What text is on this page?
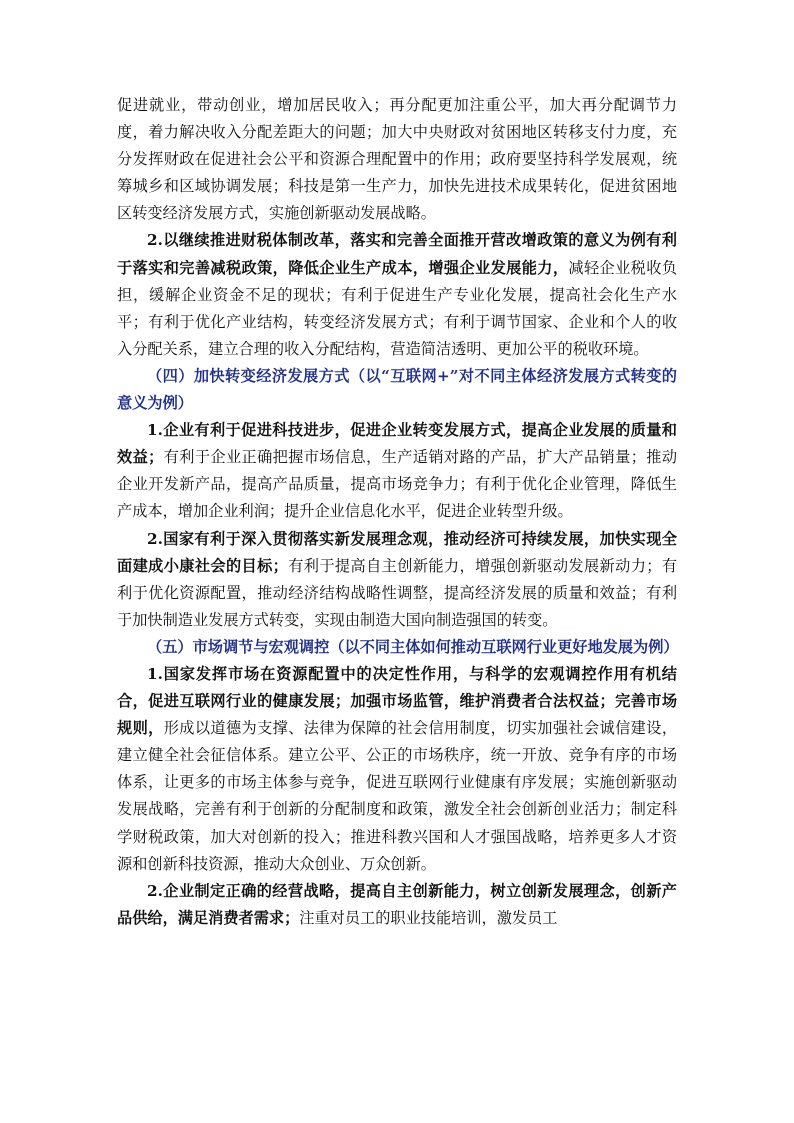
促进就业，带动创业，增加居民收入；再分配更加注重公平，加大再分配调节力度，着力解决收入分配差距大的问题；加大中央财政对贫困地区转移支付力度，充分发挥财政在促进社会公平和资源合理配置中的作用；政府要坚持科学发展观，统筹城乡和区域协调发展；科技是第一生产力，加快先进技术成果转化，促进贫困地区转变经济发展方式，实施创新驱动发展战略。

2.以继续推进财税体制改革，落实和完善全面推开营改增政策的意义为例有利于落实和完善减税政策，降低企业生产成本，增强企业发展能力，减轻企业税收负担，缓解企业资金不足的现状；有利于促进生产专业化发展，提高社会化生产水平；有利于优化产业结构，转变经济发展方式；有利于调节国家、企业和个人的收入分配关系，建立合理的收入分配结构，营造简洁透明、更加公平的税收环境。

（四）加快转变经济发展方式（以“互联网+”对不同主体经济发展方式转变的意义为例）

1.企业有利于促进科技进步，促进企业转变发展方式，提高企业发展的质量和效益；有利于企业正确把握市场信息，生产适销对路的产品，扩大产品销量；推动企业开发新产品，提高产品质量，提高市场竞争力；有利于优化企业管理，降低生产成本，增加企业利润；提升企业信息化水平，促进企业转型升级。

2.国家有利于深入贯彻落实新发展理念观，推动经济可持续发展，加快实现全面建成小康社会的目标；有利于提高自主创新能力，增强创新驱动发展新动力；有利于优化资源配置，推动经济结构战略性调整，提高经济发展的质量和效益；有利于加快制造业发展方式转变，实现由制造大国向制造强国的转变。

（五）市场调节与宏观调控（以不同主体如何推动互联网行业更好地发展为例）

1.国家发挥市场在资源配置中的决定性作用，与科学的宏观调控作用有机结合，促进互联网行业的健康发展；加强市场监管，维护消费者合法权益；完善市场规则，形成以道德为支撑、法律为保障的社会信用制度，切实加强社会诚信建设，建立健全社会征信体系。建立公平、公正的市场秩序，统一开放、竞争有序的市场体系，让更多的市场主体参与竞争，促进互联网行业健康有序发展；实施创新驱动发展战略，完善有利于创新的分配制度和政策，激发全社会创新创业活力；制定科学财税政策，加大对创新的投入；推进科教兴国和人才强国战略，培养更多人才资源和创新科技资源，推动大众创业、万众创新。

2.企业制定正确的经营战略，提高自主创新能力，树立创新发展理念，创新产品供给，满足消费者需求；注重对员工的职业技能培训，激发员工
